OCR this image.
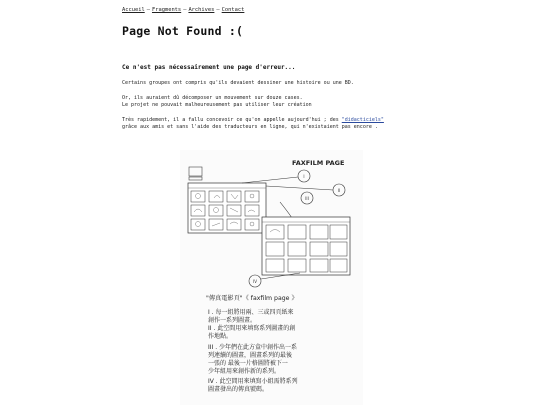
Accueil — Fragments — Archives — Contact
Page Not Found :(
Ce n'est pas nécessairement une page d'erreur...

Certains groupes ont compris qu'ils devaient dessiner une histoire ou une BD.

Or, ils auraient dû décomposer un mouvement sur douze cases.
Le projet ne pouvait malheureusement pas utiliser leur création
Très rapidement, il a fallu concevoir ce qu'on appelle aujourd'hui ; des "didacticiels"
grâce aux amis et sans l'aide des traducteurs en ligne, qui n'existaient pas encore .
FAXFILM PAGE
I
II
III
IV
"傳真電影頁"《 faxfilm page 》
I . 每一組將用兩、三或四頁紙來
創作一系列圖畫。
II . 此空間用來填寫系列圖畫的創
作地點。
III . 少年們在此方盒中創作出一系
列連續的圖畫，圖畫系列的最後
一張的 最後一片格圖將被下一
少年組用來創作新的系列。
IV . 此空間用來填寫小組需將系列
圖畫發出的傳真號碼。
